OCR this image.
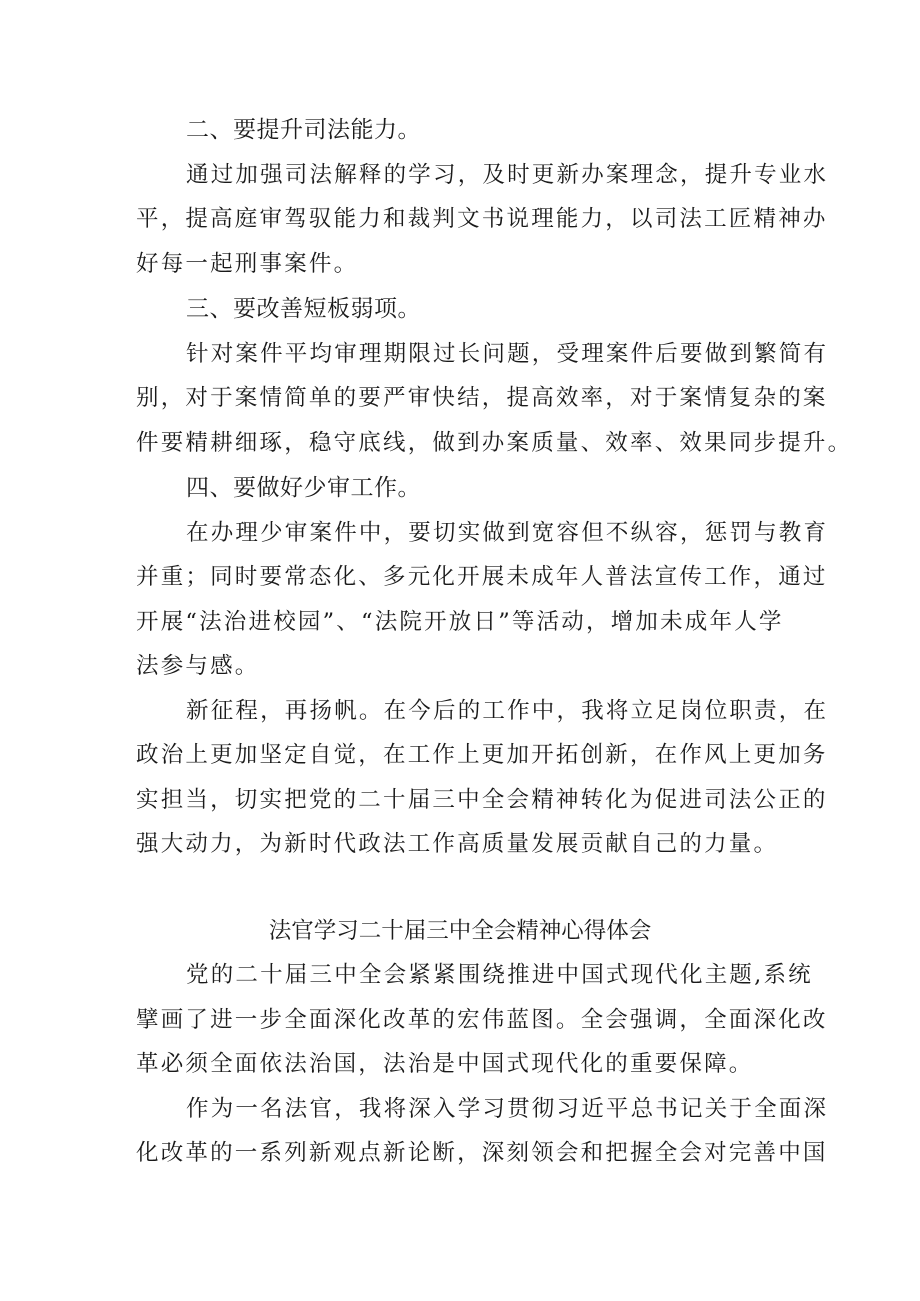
二、要提升司法能力。
通过加强司法解释的学习，及时更新办案理念，提升专业水
平，提高庭审驾驭能力和裁判文书说理能力，以司法工匠精神办
好每一起刑事案件。
三、要改善短板弱项。
针对案件平均审理期限过长问题，受理案件后要做到繁简有
别，对于案情简单的要严审快结，提高效率，对于案情复杂的案
件要精耕细琢，稳守底线，做到办案质量、效率、效果同步提升。
四、要做好少审工作。
在办理少审案件中，要切实做到宽容但不纵容，惩罚与教育
并重；同时要常态化、多元化开展未成年人普法宣传工作，通过
开展“法治进校园”、“法院开放日”等活动，增加未成年人学
法参与感。
新征程，再扬帆。在今后的工作中，我将立足岗位职责，在
政治上更加坚定自觉，在工作上更加开拓创新，在作风上更加务
实担当，切实把党的二十届三中全会精神转化为促进司法公正的
强大动力，为新时代政法工作高质量发展贡献自己的力量。
法官学习二十届三中全会精神心得体会
党的二十届三中全会紧紧围绕推进中国式现代化主题,系统
擘画了进一步全面深化改革的宏伟蓝图。全会强调，全面深化改
革必须全面依法治国，法治是中国式现代化的重要保障。
作为一名法官，我将深入学习贯彻习近平总书记关于全面深
化改革的一系列新观点新论断，深刻领会和把握全会对完善中国
